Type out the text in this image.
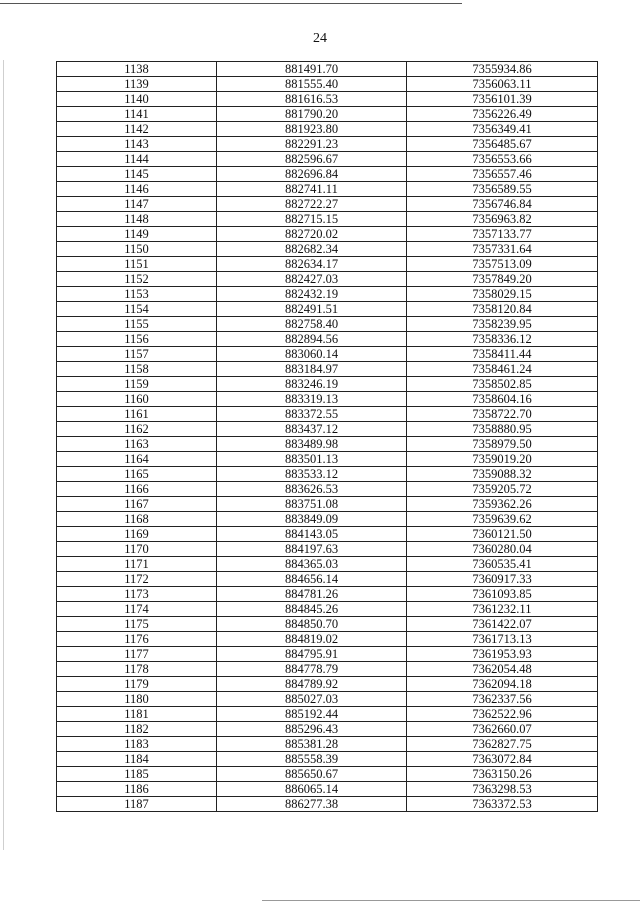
24
1138	881491.70	7355934.86
1139	881555.40	7356063.11
1140	881616.53	7356101.39
1141	881790.20	7356226.49
1142	881923.80	7356349.41
1143	882291.23	7356485.67
1144	882596.67	7356553.66
1145	882696.84	7356557.46
1146	882741.11	7356589.55
1147	882722.27	7356746.84
1148	882715.15	7356963.82
1149	882720.02	7357133.77
1150	882682.34	7357331.64
1151	882634.17	7357513.09
1152	882427.03	7357849.20
1153	882432.19	7358029.15
1154	882491.51	7358120.84
1155	882758.40	7358239.95
1156	882894.56	7358336.12
1157	883060.14	7358411.44
1158	883184.97	7358461.24
1159	883246.19	7358502.85
1160	883319.13	7358604.16
1161	883372.55	7358722.70
1162	883437.12	7358880.95
1163	883489.98	7358979.50
1164	883501.13	7359019.20
1165	883533.12	7359088.32
1166	883626.53	7359205.72
1167	883751.08	7359362.26
1168	883849.09	7359639.62
1169	884143.05	7360121.50
1170	884197.63	7360280.04
1171	884365.03	7360535.41
1172	884656.14	7360917.33
1173	884781.26	7361093.85
1174	884845.26	7361232.11
1175	884850.70	7361422.07
1176	884819.02	7361713.13
1177	884795.91	7361953.93
1178	884778.79	7362054.48
1179	884789.92	7362094.18
1180	885027.03	7362337.56
1181	885192.44	7362522.96
1182	885296.43	7362660.07
1183	885381.28	7362827.75
1184	885558.39	7363072.84
1185	885650.67	7363150.26
1186	886065.14	7363298.53
1187	886277.38	7363372.53
